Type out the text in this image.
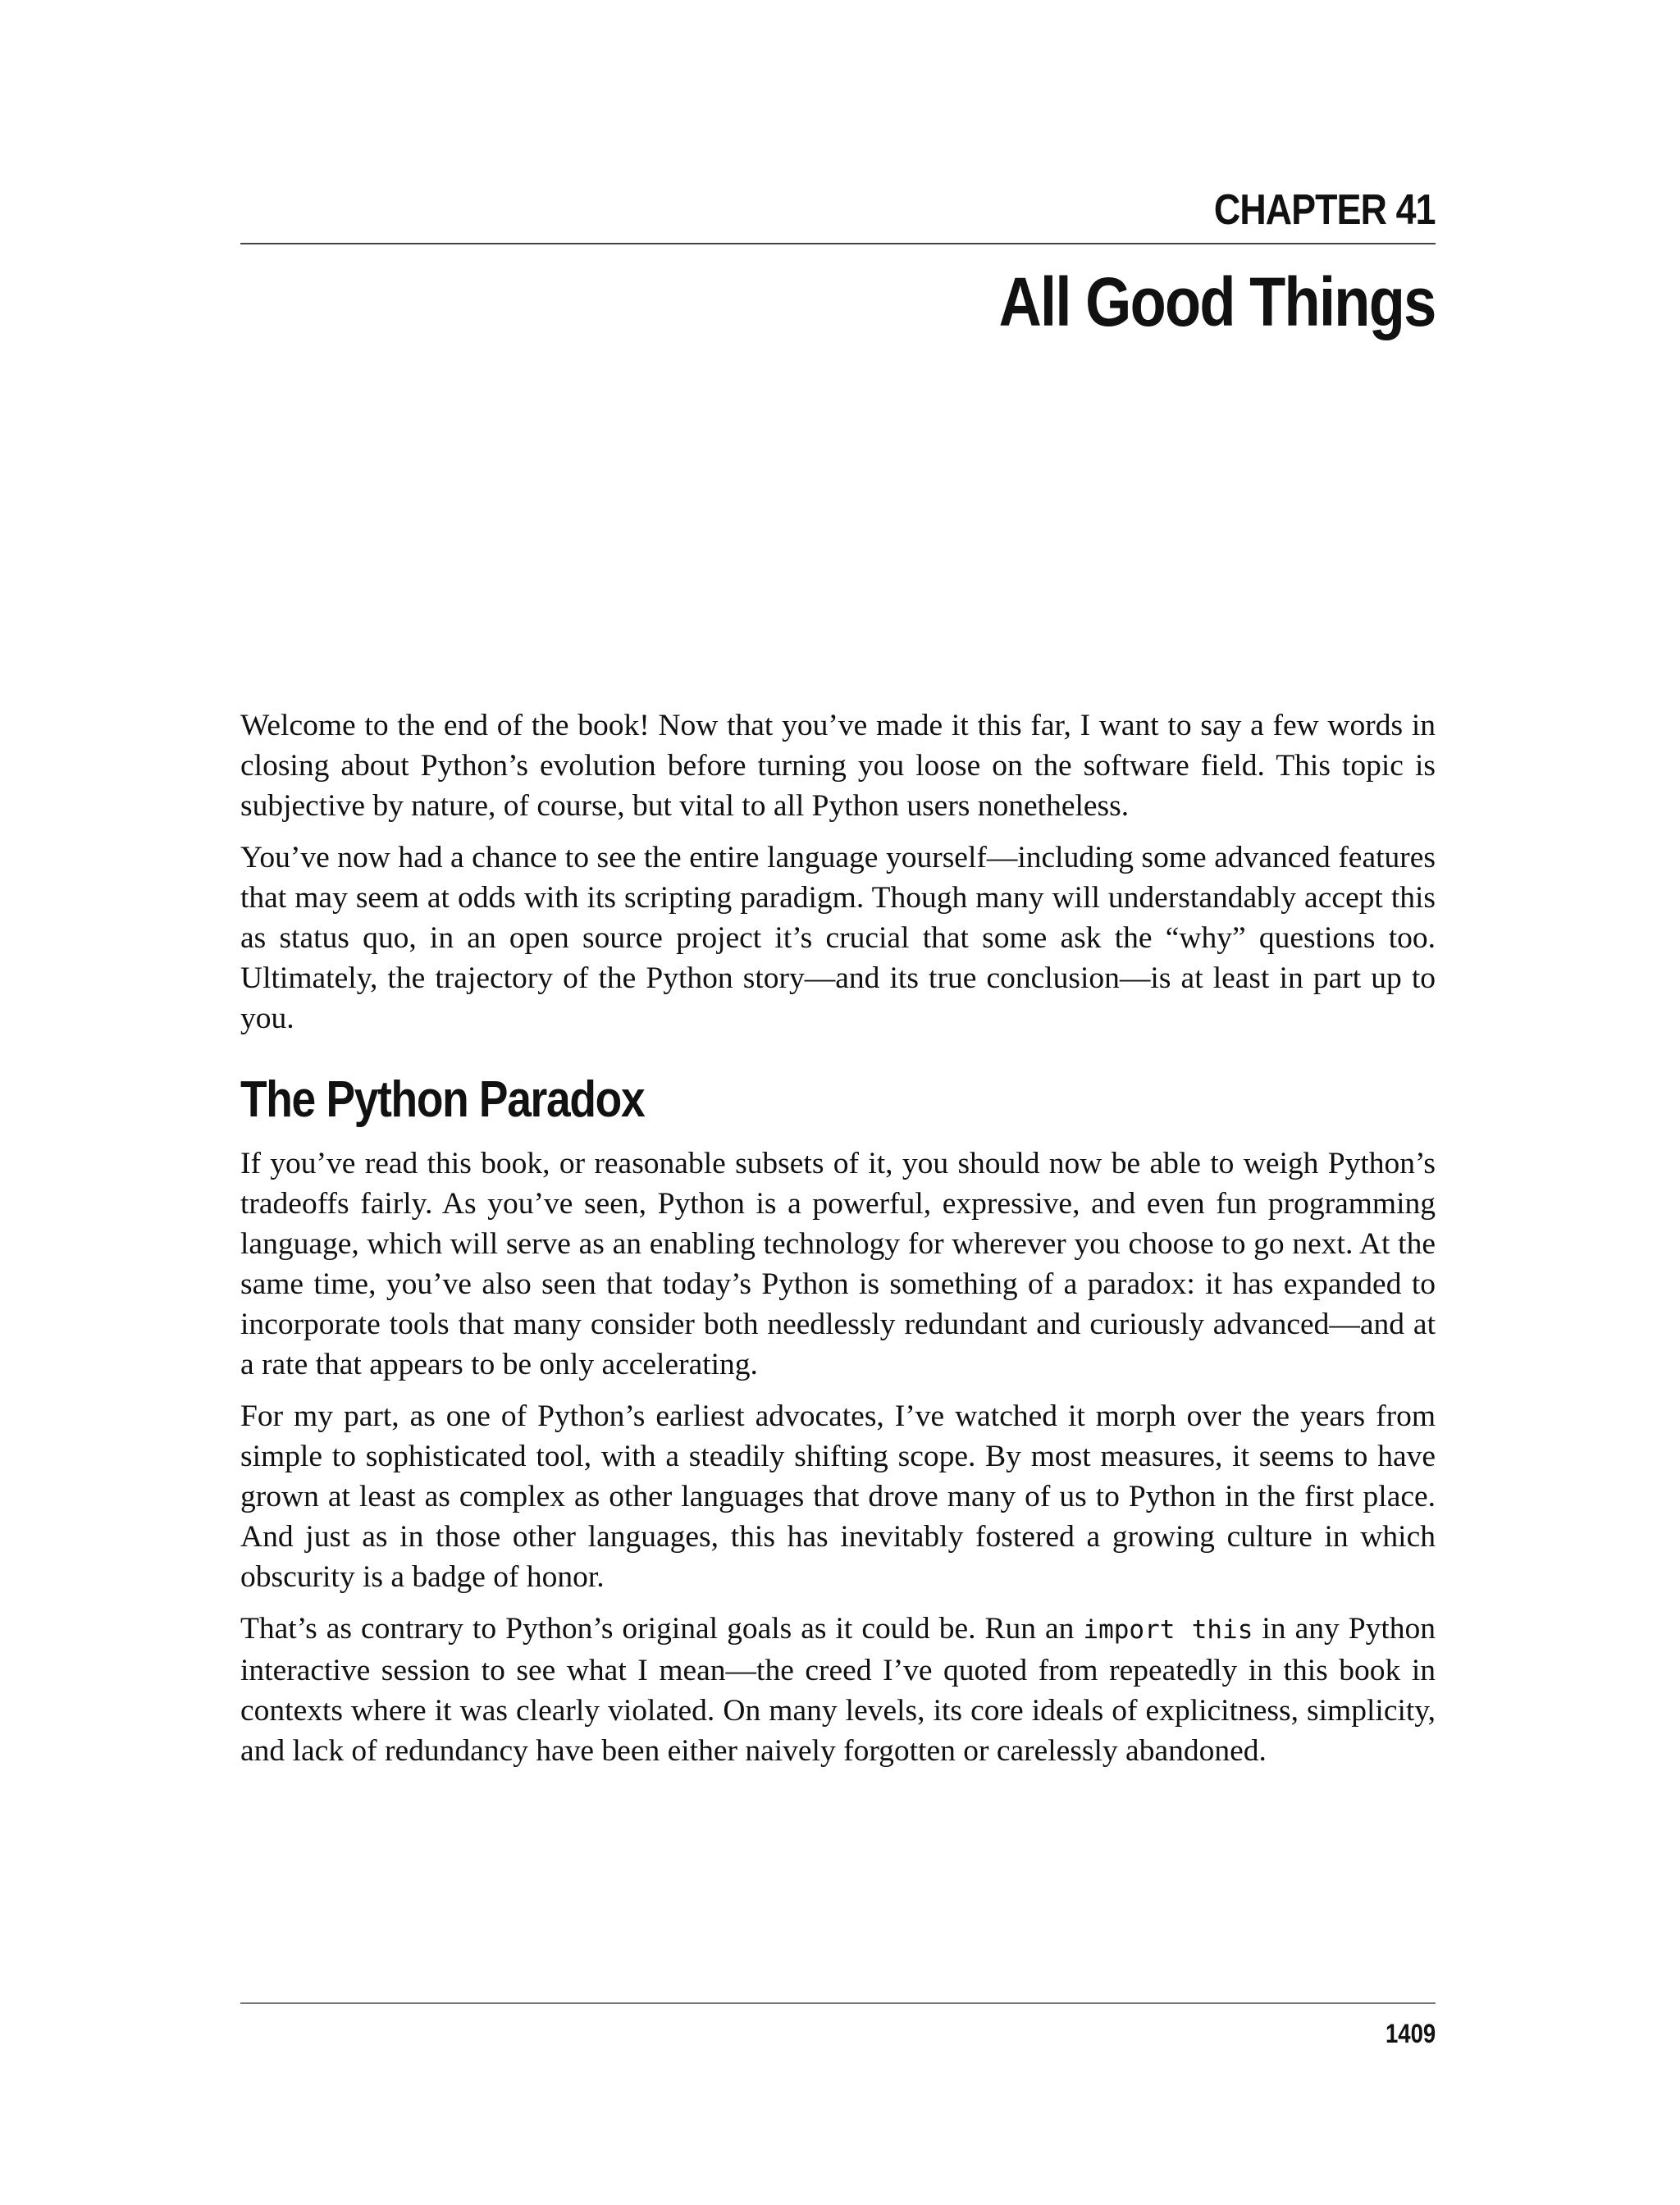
CHAPTER 41
All Good Things

Welcome to the end of the book! Now that you’ve made it this far, I want to say a few words in closing about Python’s evolution before turning you loose on the software field. This topic is subjective by nature, of course, but vital to all Python users nonetheless.

You’ve now had a chance to see the entire language yourself—including some advanced features that may seem at odds with its scripting paradigm. Though many will understandably accept this as status quo, in an open source project it’s crucial that some ask the “why” questions too. Ultimately, the trajectory of the Python story—and its true conclusion—is at least in part up to you.

The Python Paradox

If you’ve read this book, or reasonable subsets of it, you should now be able to weigh Python’s tradeoffs fairly. As you’ve seen, Python is a powerful, expressive, and even fun programming language, which will serve as an enabling technology for wherever you choose to go next. At the same time, you’ve also seen that today’s Python is something of a paradox: it has expanded to incorporate tools that many consider both needlessly redundant and curiously advanced—and at a rate that appears to be only accelerating.

For my part, as one of Python’s earliest advocates, I’ve watched it morph over the years from simple to sophisticated tool, with a steadily shifting scope. By most measures, it seems to have grown at least as complex as other languages that drove many of us to Python in the first place. And just as in those other languages, this has inevitably fostered a growing culture in which obscurity is a badge of honor.

That’s as contrary to Python’s original goals as it could be. Run an import this in any Python interactive session to see what I mean—the creed I’ve quoted from repeatedly in this book in contexts where it was clearly violated. On many levels, its core ideals of explicitness, simplicity, and lack of redundancy have been either naively forgotten or carelessly abandoned.

1409
